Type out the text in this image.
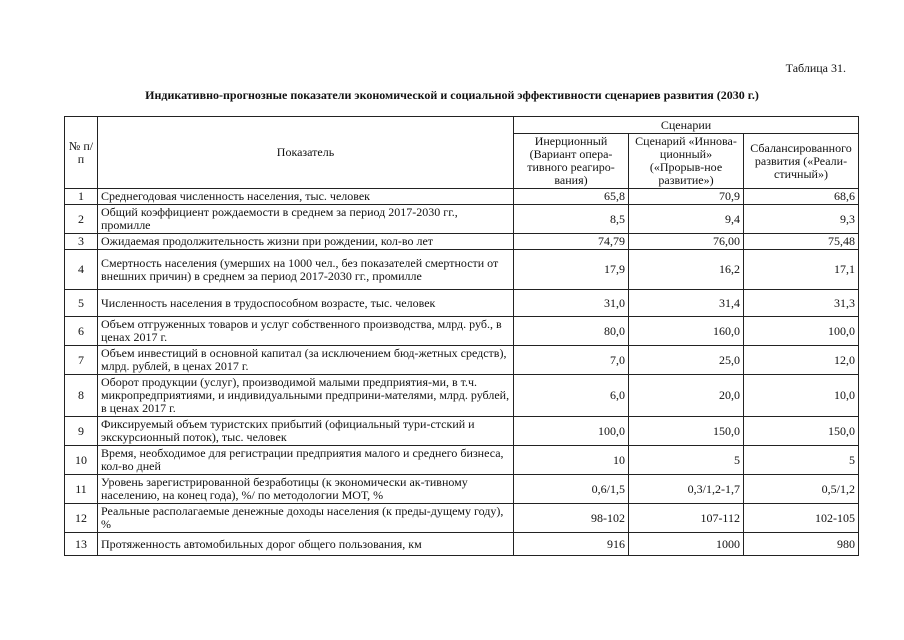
Таблица 31.
Индикативно-прогнозные показатели экономической и социальной эффективности сценариев развития (2030 г.)
№ п/п	Показатель	Сценарии		
		Инерционный (Вариант опера-тивного реагиро-вания)	Сценарий «Иннова-ционный» («Прорыв-ное развитие»)	Сбалансированного развития («Реали-стичный»)
1	Среднегодовая численность населения, тыс. человек	65,8	70,9	68,6
2	Общий коэффициент рождаемости в среднем за период 2017-2030 гг., промилле	8,5	9,4	9,3
3	Ожидаемая продолжительность жизни при рождении, кол-во лет	74,79	76,00	75,48
4	Смертность населения (умерших на 1000 чел., без показателей смертности от внешних причин) в среднем за период 2017-2030 гг., промилле	17,9	16,2	17,1
5	Численность населения в трудоспособном возрасте, тыс. человек	31,0	31,4	31,3
6	Объем отгруженных товаров и услуг собственного производства, млрд. руб., в ценах 2017 г.	80,0	160,0	100,0
7	Объем инвестиций в основной капитал (за исключением бюд-жетных средств), млрд. рублей, в ценах 2017 г.	7,0	25,0	12,0
8	Оборот продукции (услуг), производимой малыми предприятия-ми, в т.ч. микропредприятиями, и индивидуальными предприни-мателями, млрд. рублей, в ценах 2017 г.	6,0	20,0	10,0
9	Фиксируемый объем туристских прибытий (официальный тури-стский и экскурсионный поток), тыс. человек	100,0	150,0	150,0
10	Время, необходимое для регистрации предприятия малого и среднего бизнеса, кол-во дней	10	5	5
11	Уровень зарегистрированной безработицы (к экономически ак-тивному населению, на конец года), %/ по методологии МОТ, %	0,6/1,5	0,3/1,2-1,7	0,5/1,2
12	Реальные располагаемые денежные доходы населения (к преды-дущему году), %	98-102	107-112	102-105
13	Протяженность автомобильных дорог общего пользования, км	916	1000	980
